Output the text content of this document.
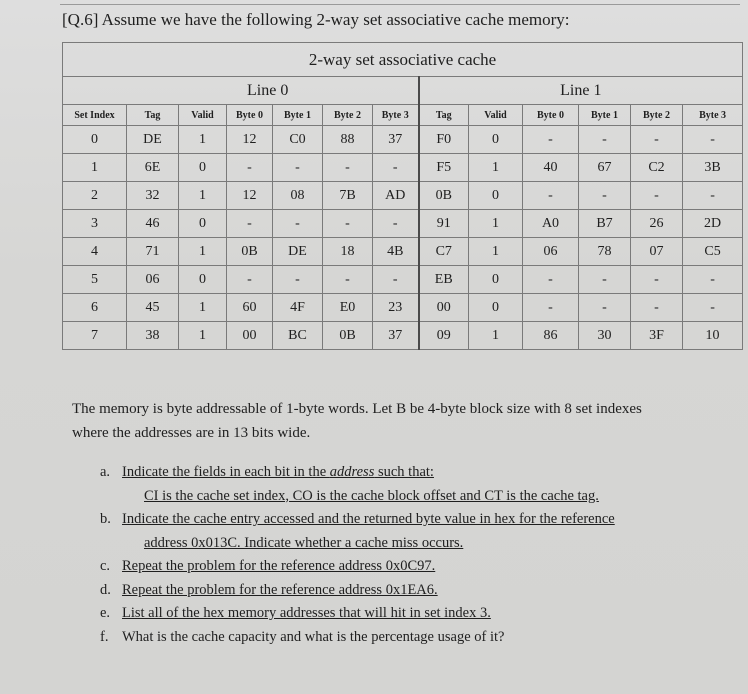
[Q.6] Assume we have the following 2-way set associative cache memory:
2-way set associative cache												
Line 0							Line 1					
Set Index	Tag	Valid	Byte 0	Byte 1	Byte 2	Byte 3	Tag	Valid	Byte 0	Byte 1	Byte 2	Byte 3
0	DE	1	12	C0	88	37	F0	0	-	-	-	-
1	6E	0	-	-	-	-	F5	1	40	67	C2	3B
2	32	1	12	08	7B	AD	0B	0	-	-	-	-
3	46	0	-	-	-	-	91	1	A0	B7	26	2D
4	71	1	0B	DE	18	4B	C7	1	06	78	07	C5
5	06	0	-	-	-	-	EB	0	-	-	-	-
6	45	1	60	4F	E0	23	00	0	-	-	-	-
7	38	1	00	BC	0B	37	09	1	86	30	3F	10

The memory is byte addressable of 1-byte words. Let B be 4-byte block size with 8 set indexes

where the addresses are in 13 bits wide.

a. Indicate the fields in each bit in the address such that:
CI is the cache set index, CO is the cache block offset and CT is the cache tag.
b. Indicate the cache entry accessed and the returned byte value in hex for the reference
address 0x013C. Indicate whether a cache miss occurs.
c. Repeat the problem for the reference address 0x0C97.
d. Repeat the problem for the reference address 0x1EA6.
e. List all of the hex memory addresses that will hit in set index 3.
f. What is the cache capacity and what is the percentage usage of it?
